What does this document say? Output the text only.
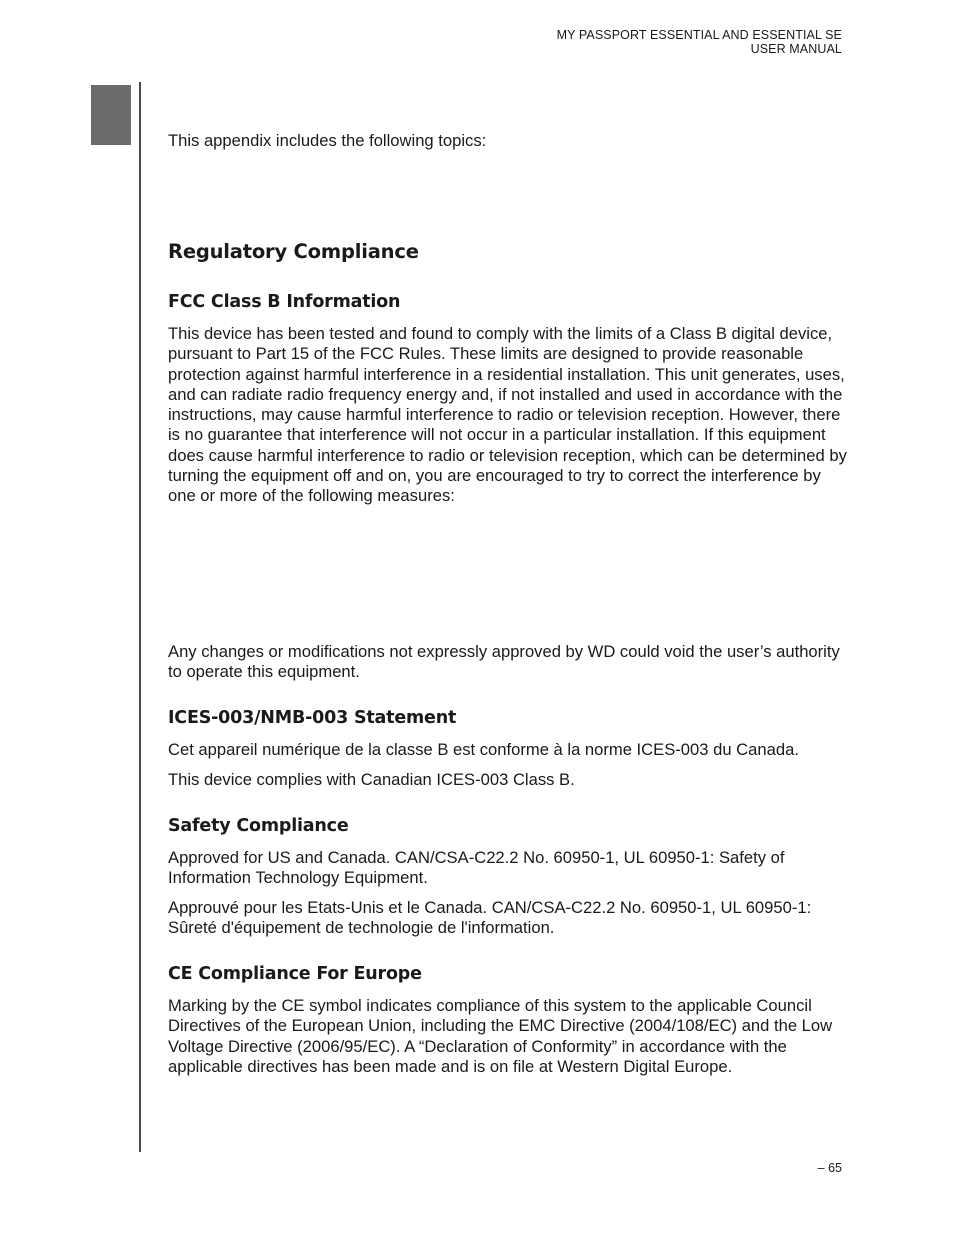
MY PASSPORT ESSENTIAL AND ESSENTIAL SE
USER MANUAL

This appendix includes the following topics:

Regulatory Compliance
FCC Class B Information

This device has been tested and found to comply with the limits of a Class B digital device, pursuant to Part 15 of the FCC Rules. These limits are designed to provide reasonable protection against harmful interference in a residential installation. This unit generates, uses, and can radiate radio frequency energy and, if not installed and used in accordance with the instructions, may cause harmful interference to radio or television reception. However, there is no guarantee that interference will not occur in a particular installation. If this equipment does cause harmful interference to radio or television reception, which can be determined by turning the equipment off and on, you are encouraged to try to correct the interference by one or more of the following measures:

Any changes or modifications not expressly approved by WD could void the user’s authority to operate this equipment.

ICES-003/NMB-003 Statement

Cet appareil numérique de la classe B est conforme à la norme ICES-003 du Canada.

This device complies with Canadian ICES-003 Class B.

Safety Compliance

Approved for US and Canada. CAN/CSA-C22.2 No. 60950-1, UL 60950-1: Safety of Information Technology Equipment.

Approuvé pour les Etats-Unis et le Canada. CAN/CSA-C22.2 No. 60950-1, UL 60950-1: Sûreté d'équipement de technologie de l'information.

CE Compliance For Europe

Marking by the CE symbol indicates compliance of this system to the applicable Council Directives of the European Union, including the EMC Directive (2004/108/EC) and the Low Voltage Directive (2006/95/EC). A “Declaration of Conformity” in accordance with the applicable directives has been made and is on file at Western Digital Europe.

– 65
